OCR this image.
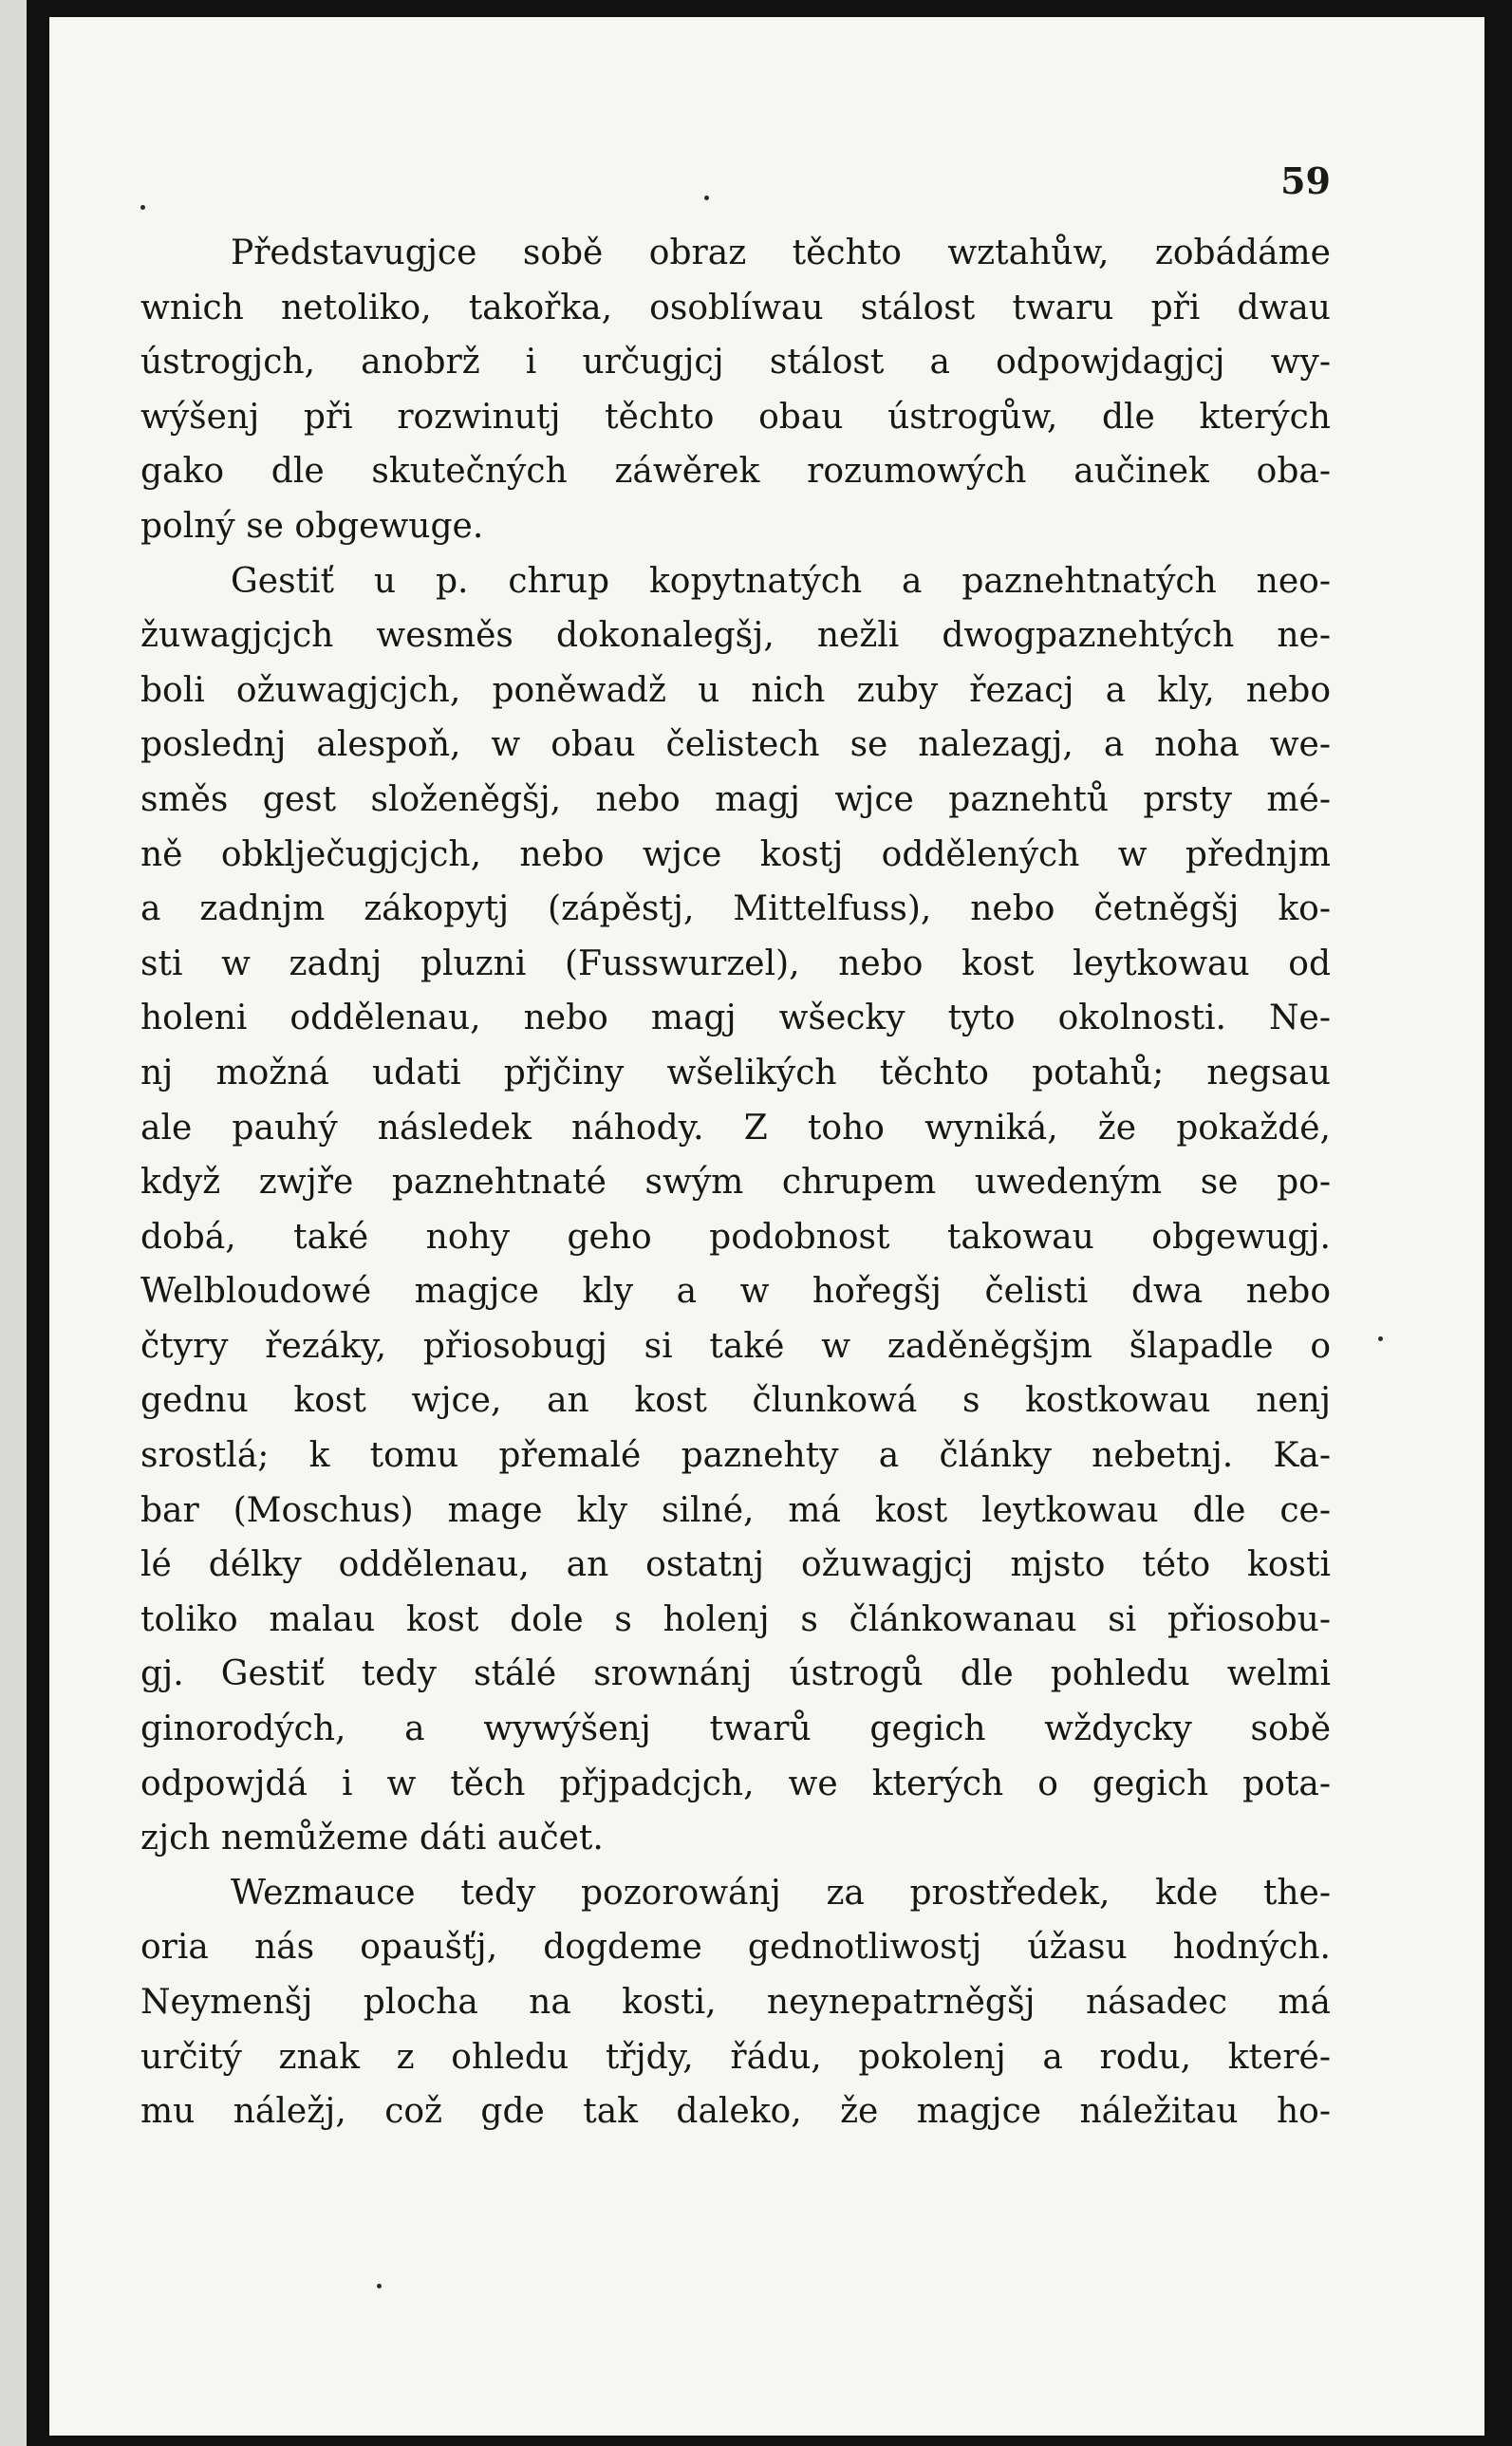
59
Představugjce sobě obraz těchto wztahůw, zobádáme
wnich netoliko, takořka, osoblíwau stálost twaru při dwau
ústrogjch, anobrž i určugjcj stálost a odpowjdagjcj wy-
wýšenj při rozwinutj těchto obau ústrogůw, dle kterých
gako dle skutečných záwěrek rozumowých aučinek oba-
polný se obgewuge.
Gestiť u p. chrup kopytnatých a paznehtnatých neo-
žuwagjcjch wesměs dokonalegšj, nežli dwogpaznehtých ne-
boli ožuwagjcjch, poněwadž u nich zuby řezacj a kly, nebo
poslednj alespoň, w obau čelistech se nalezagj, a noha we-
směs gest složeněgšj, nebo magj wjce paznehtů prsty mé-
ně obklječugjcjch, nebo wjce kostj oddělených w přednjm
a zadnjm zákopytj (zápěstj, Mittelfuss), nebo četněgšj ko-
sti w zadnj pluzni (Fusswurzel), nebo kost leytkowau od
holeni oddělenau, nebo magj wšecky tyto okolnosti. Ne-
nj možná udati přjčiny wšelikých těchto potahů; negsau
ale pauhý následek náhody. Z toho wyniká, že pokaždé,
když zwjře paznehtnaté swým chrupem uwedeným se po-
dobá, také nohy geho podobnost takowau obgewugj.
Welbloudowé magjce kly a w hořegšj čelisti dwa nebo
čtyry řezáky, přiosobugj si také w zaděněgšjm šlapadle o
gednu kost wjce, an kost člunkowá s kostkowau nenj
srostlá; k tomu přemalé paznehty a články nebetnj. Ka-
bar (Moschus) mage kly silné, má kost leytkowau dle ce-
lé délky oddělenau, an ostatnj ožuwagjcj mjsto této kosti
toliko malau kost dole s holenj s článkowanau si přiosobu-
gj. Gestiť tedy stálé srownánj ústrogů dle pohledu welmi
ginorodých, a wywýšenj twarů gegich wždycky sobě
odpowjdá i w těch přjpadcjch, we kterých o gegich pota-
zjch nemůžeme dáti aučet.
Wezmauce tedy pozorowánj za prostředek, kde the-
oria nás opaušťj, dogdeme gednotliwostj úžasu hodných.
Neymenšj plocha na kosti, neynepatrněgšj násadec má
určitý znak z ohledu třjdy, řádu, pokolenj a rodu, které-
mu náležj, což gde tak daleko, že magjce náležitau ho-
